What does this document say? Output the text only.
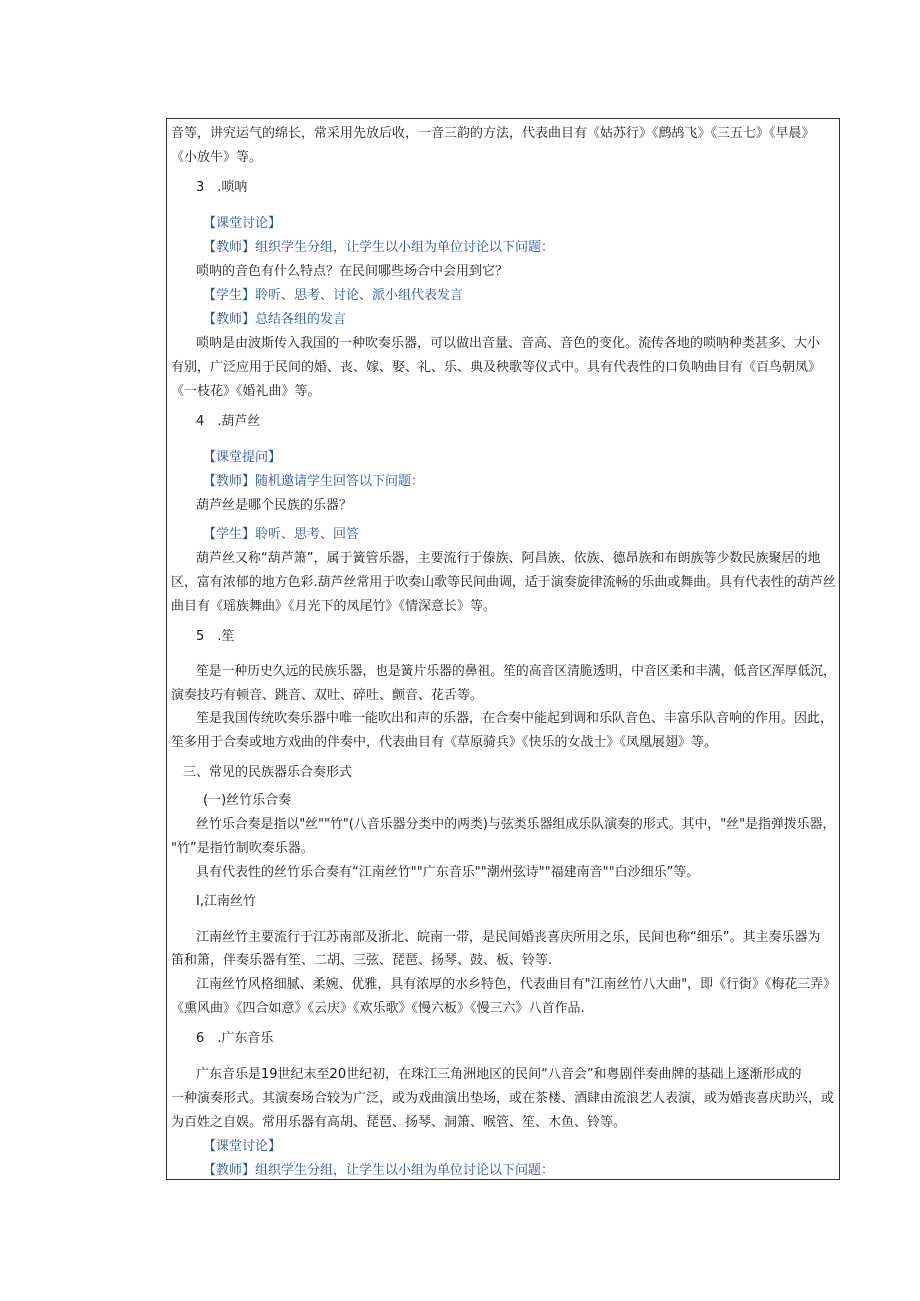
音等，讲究运气的绵长，常采用先放后收，一音三韵的方法，代表曲目有《姑苏行》《鹧鸪飞》《三五七》《早晨》
《小放牛》等。
3　.唢呐
【课堂讨论】
【教师】组织学生分组，让学生以小组为单位讨论以下问题：
唢呐的音色有什么特点？在民间哪些场合中会用到它？
【学生】聆听、思考、讨论、派小组代表发言
【教师】总结各组的发言
唢呐是由波斯传入我国的一种吹奏乐器，可以做出音量、音高、音色的变化。流传各地的唢呐种类甚多、大小
有别，广泛应用于民间的婚、丧、嫁、娶、礼、乐、典及秧歌等仪式中。具有代表性的口负呐曲目有《百鸟朝凤》
《一枝花》《婚礼曲》等。
4　.葫芦丝
【课堂提问】
【教师】随机邀请学生回答以下问题：
葫芦丝是哪个民族的乐器？
【学生】聆听、思考、回答
葫芦丝又称“葫芦箫”，属于簧管乐器，主要流行于傣族、阿昌族、依族、德昂族和布朗族等少数民族聚居的地
区，富有浓郁的地方色彩.葫芦丝常用于吹奏山歌等民间曲调，适于演奏旋律流畅的乐曲或舞曲。具有代表性的葫芦丝
曲目有《瑶族舞曲》《月光下的凤尾竹》《情深意长》等。
5　.笙
笙是一种历史久远的民族乐器，也是簧片乐器的鼻祖。笙的高音区清脆透明，中音区柔和丰满，低音区浑厚低沉，
演奏技巧有顿音、跳音、双吐、碎吐、颤音、花舌等。
笙是我国传统吹奏乐器中唯一能吹出和声的乐器，在合奏中能起到调和乐队音色、丰富乐队音响的作用。因此，
笙多用于合奏或地方戏曲的伴奏中，代表曲目有《草原骑兵》《快乐的女战士》《凤凰展翅》等。
三、常见的民族器乐合奏形式
(一)丝竹乐合奏
丝竹乐合奏是指以"丝""竹"(八音乐器分类中的两类)与弦类乐器组成乐队演奏的形式。其中，"丝"是指弹拨乐器，
"竹”是指竹制吹奏乐器。
具有代表性的丝竹乐合奏有“江南丝竹""广东音乐""潮州弦诗""福建南音""白沙细乐”等。
I,江南丝竹
江南丝竹主要流行于江苏南部及浙北、皖南一带，是民间婚丧喜庆所用之乐，民间也称“细乐”。其主奏乐器为
笛和箫，伴奏乐器有笙、二胡、三弦、琵琶、扬琴、鼓、板、铃等.
江南丝竹风格细腻、柔婉、优雅，具有浓厚的水乡特色，代表曲目有"江南丝竹八大曲"，即《行街》《梅花三弄》
《熏风曲》《四合如意》《云庆》《欢乐歌》《慢六板》《慢三六》八首作品.
6　.广东音乐
广东音乐是19世纪末至20世纪初，在珠江三角洲地区的民间“八音会”和粤剧伴奏曲牌的基础上逐渐形成的
一种演奏形式。其演奏场合较为广泛，或为戏曲演出垫场，或在茶楼、酒肆由流浪艺人表演，或为婚丧喜庆助兴，或
为百姓之自娱。常用乐器有高胡、琵琶、扬琴、洞箫、喉管、笙、木鱼、铃等。
【课堂讨论】
【教师】组织学生分组，让学生以小组为单位讨论以下问题：
